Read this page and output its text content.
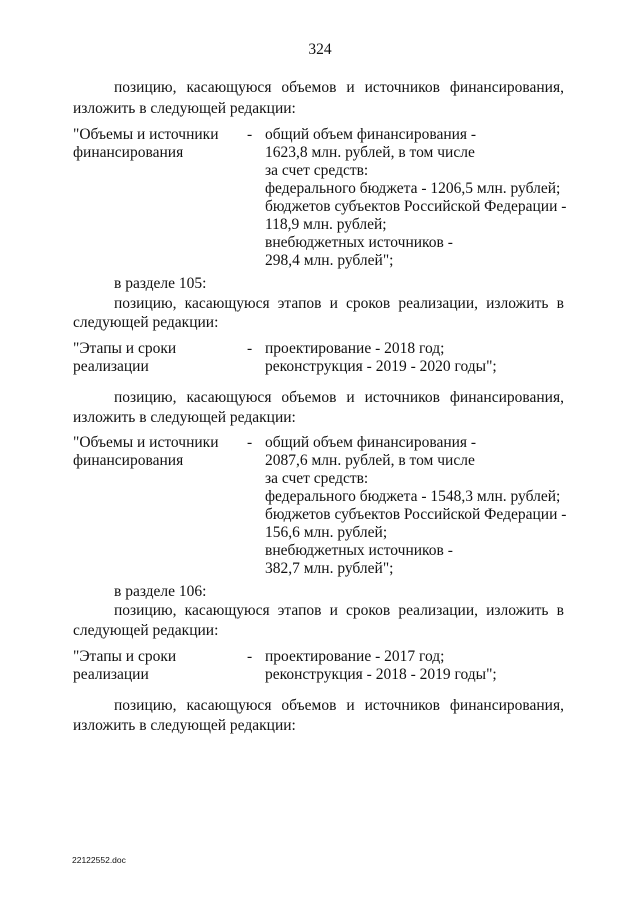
324
позицию, касающуюся объемов и источников финансирования,
изложить в следующей редакции:
"Объемы и источники
финансирования
- общий объем финансирования -
1623,8 млн. рублей, в том числе
за счет средств:
федерального бюджета - 1206,5 млн. рублей;
бюджетов субъектов Российской Федерации -
118,9 млн. рублей;
внебюджетных источников -
298,4 млн. рублей";
в разделе 105:
позицию, касающуюся этапов и сроков реализации, изложить в
следующей редакции:
"Этапы и сроки
реализации
- проектирование - 2018 год;
реконструкция - 2019 - 2020 годы";
позицию, касающуюся объемов и источников финансирования,
изложить в следующей редакции:
"Объемы и источники
финансирования
- общий объем финансирования -
2087,6 млн. рублей, в том числе
за счет средств:
федерального бюджета - 1548,3 млн. рублей;
бюджетов субъектов Российской Федерации -
156,6 млн. рублей;
внебюджетных источников -
382,7 млн. рублей";
в разделе 106:
позицию, касающуюся этапов и сроков реализации, изложить в
следующей редакции:
"Этапы и сроки
реализации
- проектирование - 2017 год;
реконструкция - 2018 - 2019 годы";
позицию, касающуюся объемов и источников финансирования,
изложить в следующей редакции:
22122552.doc
